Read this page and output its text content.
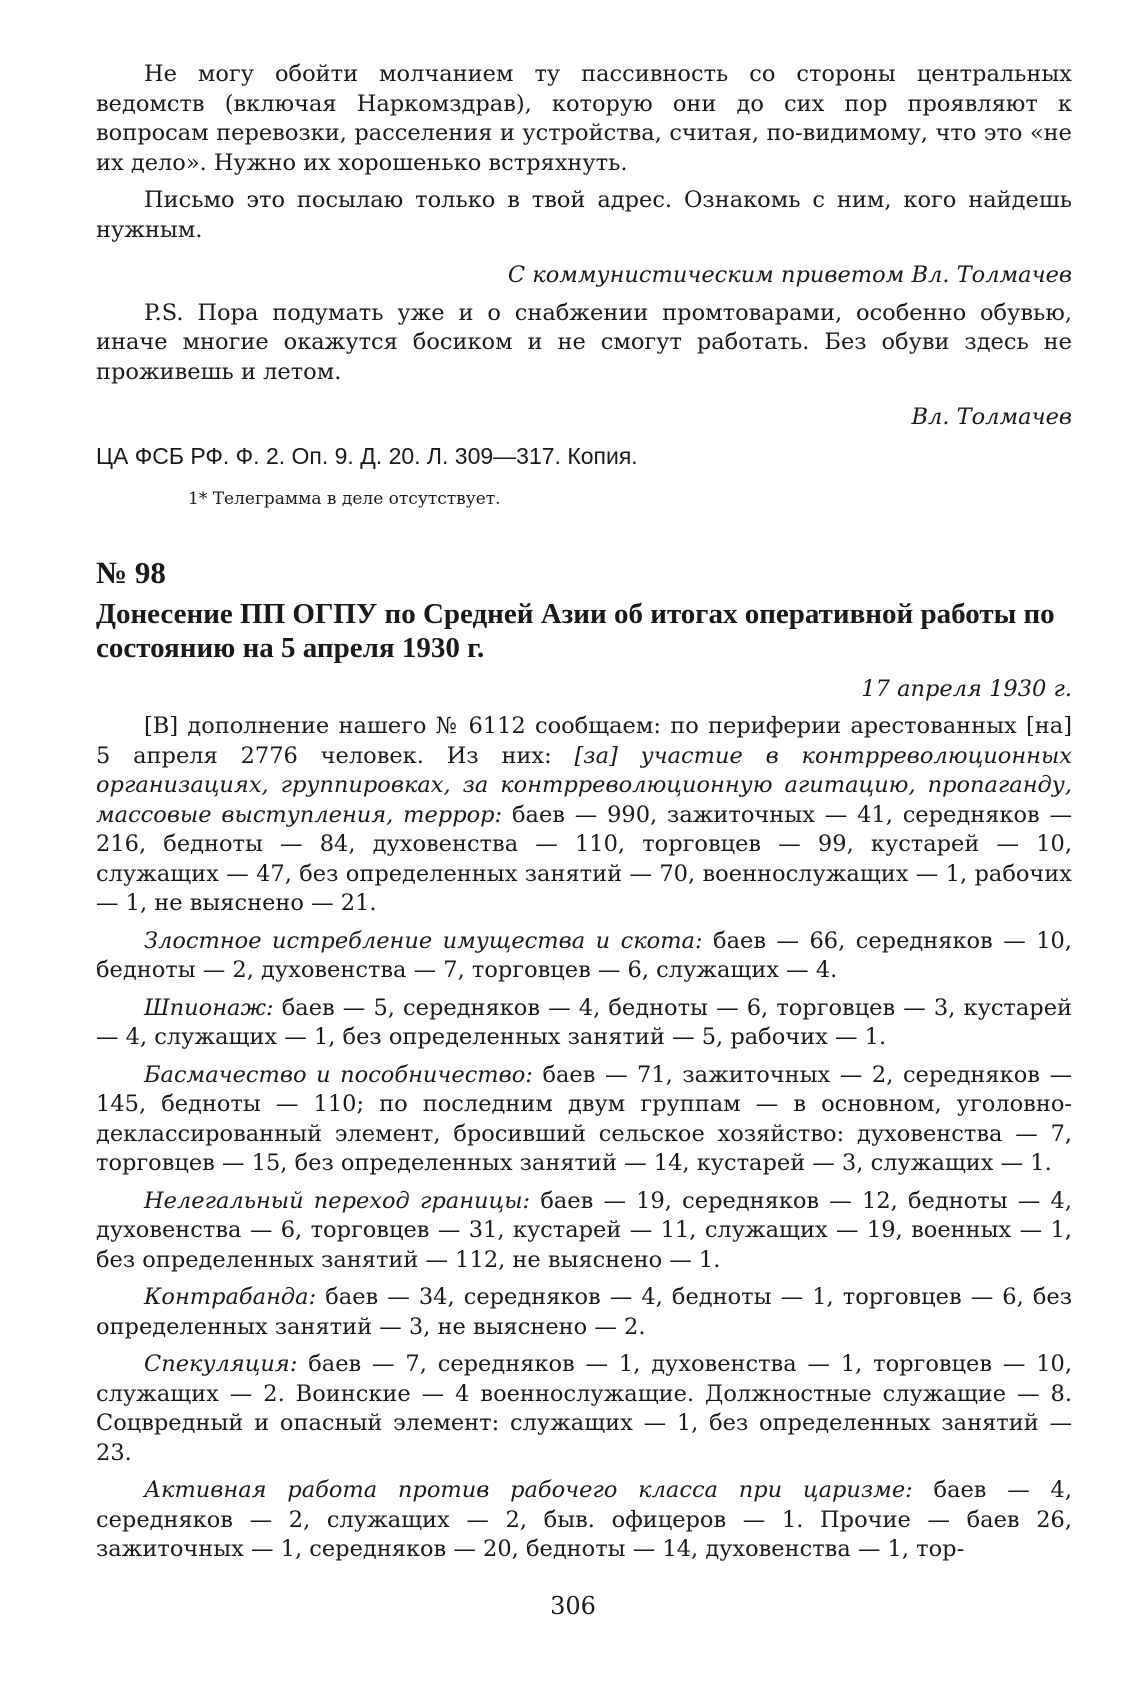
Не могу обойти молчанием ту пассивность со стороны центральных ведомств (включая Наркомздрав), которую они до сих пор проявляют к вопросам перевозки, расселения и устройства, считая, по-видимому, что это «не их дело». Нужно их хорошенько встряхнуть.

Письмо это посылаю только в твой адрес. Ознакомь с ним, кого найдешь нужным.

С коммунистическим приветом Вл. Толмачев

P.S. Пора подумать уже и о снабжении промтоварами, особенно обувью, иначе многие окажутся босиком и не смогут работать. Без обуви здесь не проживешь и летом.

Вл. Толмачев

ЦА ФСБ РФ. Ф. 2. Оп. 9. Д. 20. Л. 309—317. Копия.
1* Телеграмма в деле отсутствует.
№ 98
Донесение ПП ОГПУ по Средней Азии об итогах оперативной работы по состоянию на 5 апреля 1930 г.

17 апреля 1930 г.

[В] дополнение нашего № 6112 сообщаем: по периферии арестованных [на] 5 апреля 2776 человек. Из них: [за] участие в контрреволюционных организациях, группировках, за контрреволюционную агитацию, пропаганду, массовые выступления, террор: баев — 990, зажиточных — 41, середняков — 216, бедноты — 84, духовенства — 110, торговцев — 99, кустарей — 10, служащих — 47, без определенных занятий — 70, военнослужащих — 1, рабочих — 1, не выяснено — 21.

Злостное истребление имущества и скота: баев — 66, середняков — 10, бедноты — 2, духовенства — 7, торговцев — 6, служащих — 4.

Шпионаж: баев — 5, середняков — 4, бедноты — 6, торговцев — 3, кустарей — 4, служащих — 1, без определенных занятий — 5, рабочих — 1.

Басмачество и пособничество: баев — 71, зажиточных — 2, середняков — 145, бедноты — 110; по последним двум группам — в основном, уголовно-деклассированный элемент, бросивший сельское хозяйство: духовенства — 7, торговцев — 15, без определенных занятий — 14, кустарей — 3, служащих — 1.

Нелегальный переход границы: баев — 19, середняков — 12, бедноты — 4, духовенства — 6, торговцев — 31, кустарей — 11, служащих — 19, военных — 1, без определенных занятий — 112, не выяснено — 1.

Контрабанда: баев — 34, середняков — 4, бедноты — 1, торговцев — 6, без определенных занятий — 3, не выяснено — 2.

Спекуляция: баев — 7, середняков — 1, духовенства — 1, торговцев — 10, служащих — 2. Воинские — 4 военнослужащие. Должностные служащие — 8. Соцвредный и опасный элемент: служащих — 1, без определенных занятий — 23.

Активная работа против рабочего класса при царизме: баев — 4, середняков — 2, служащих — 2, быв. офицеров — 1. Прочие — баев 26, зажиточных — 1, середняков — 20, бедноты — 14, духовенства — 1, тор-

306
